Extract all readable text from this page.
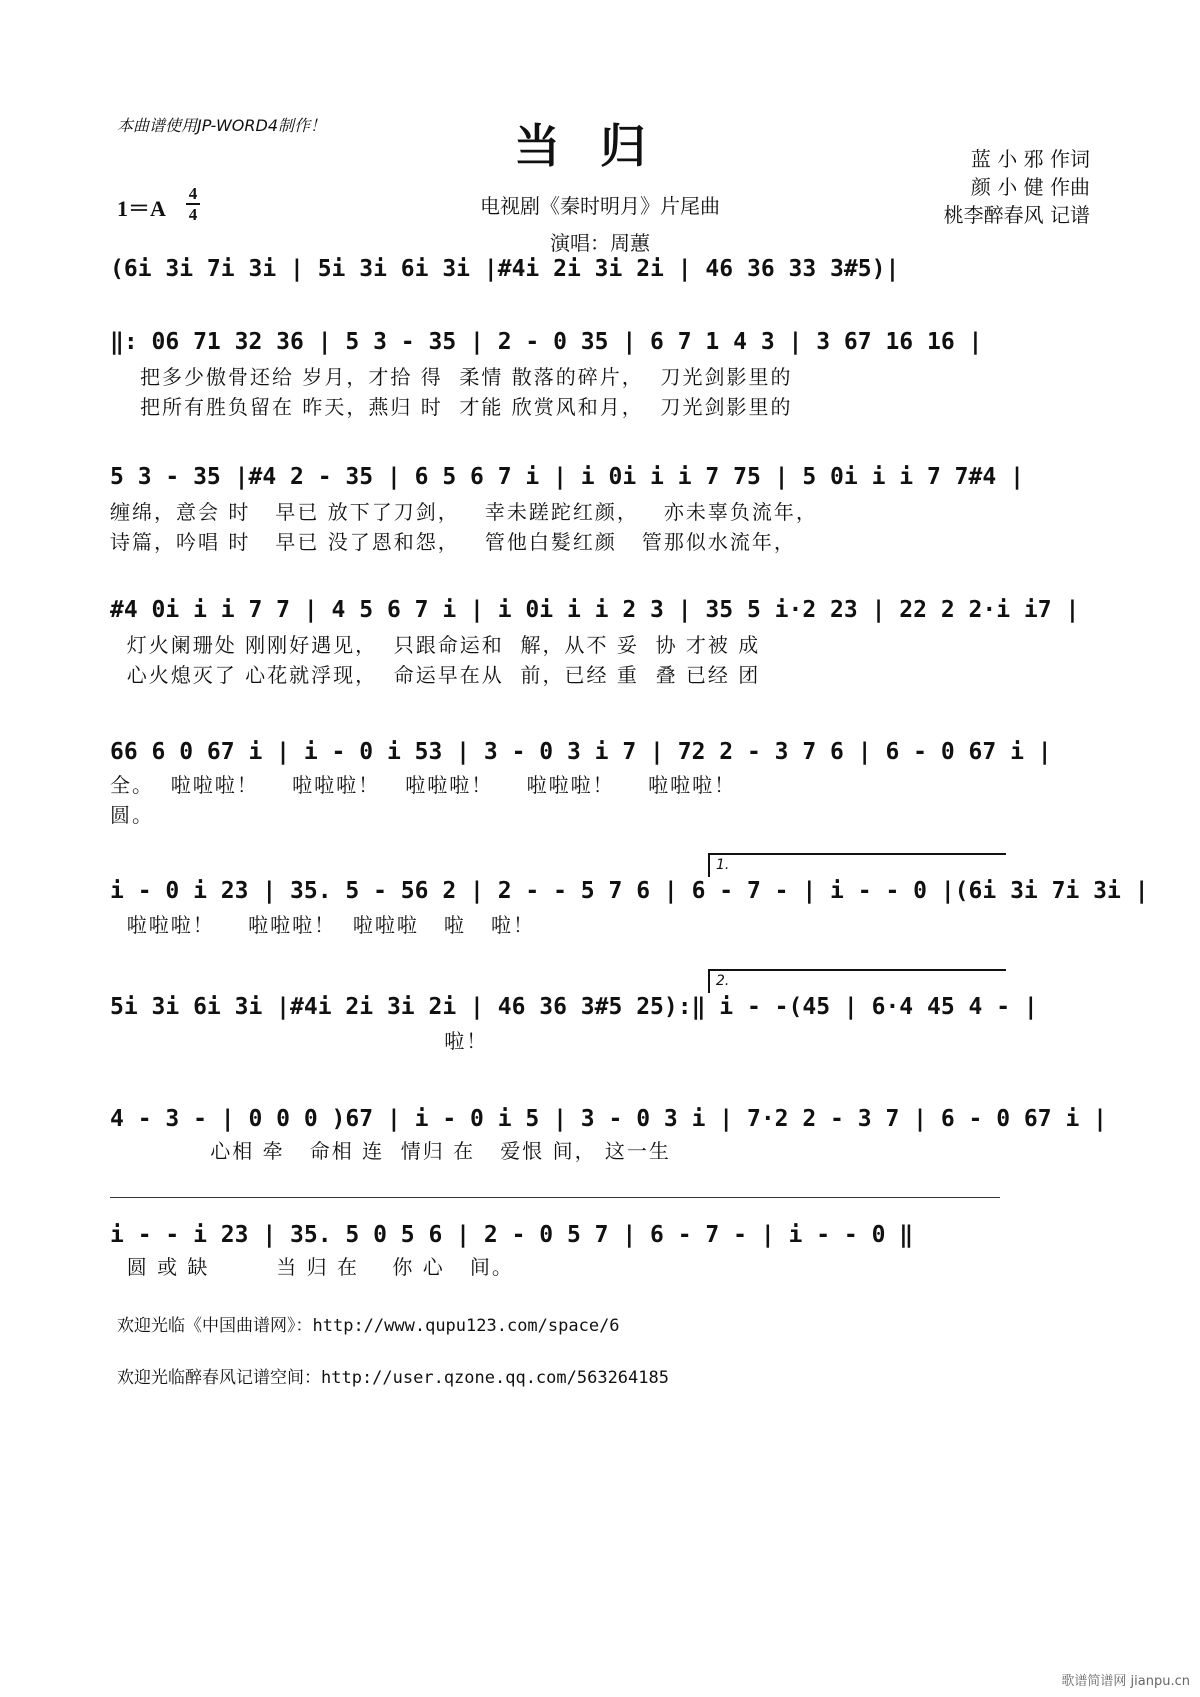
本曲谱使用JP-WORD4制作！	当归
电视剧《秦时明月》片尾曲
演唱：周蕙
蓝 小 邪 作词
颜 小 健 作曲
桃李醉春风 记谱
1＝A
4
4
(6i 3i 7i 3i | 5i 3i 6i 3i |#4i 2i 3i 2i | 46 36 33 3#5)|
‖: 06 71 32 36 | 5 3 - 35 | 2 - 0 35 | 6 7 1 4 3 | 3 67 16 16 |
把多少傲骨还给 岁月，才拾 得  柔情 散落的碎片，  刀光剑影里的
把所有胜负留在 昨天，燕归 时  才能 欣赏风和月，  刀光剑影里的
5 3 - 35 |#4 2 - 35 | 6 5 6 7 i | i 0i i i 7 75 | 5 0i i i 7 7#4 |
缠绵，意会 时   早已 放下了刀剑，   幸未蹉跎红颜，   亦未辜负流年，
诗篇，吟唱 时   早已 没了恩和怨，   管他白髮红颜   管那似水流年，
#4 0i i i 7 7 | 4 5 6 7 i | i 0i i i 2 3 | 35 5 i·2 23 | 22 2 2·i i7 |
灯火阑珊处 刚刚好遇见，  只跟命运和  解，从不 妥  协 才被 成
心火熄灭了 心花就浮现，  命运早在从  前，已经 重  叠 已经 团
66 6 0 67 i | i - 0 i 53 | 3 - 0 3 i 7 | 72 2 - 3 7 6 | 6 - 0 67 i |
全。  啦啦啦！    啦啦啦！   啦啦啦！    啦啦啦！    啦啦啦！
圆。
1.
i - 0 i 23 | 35. 5 - 56 2 | 2 - - 5 7 6 | 6 - 7 - | i - - 0 |(6i 3i 7i 3i |
啦啦啦！    啦啦啦！  啦啦啦   啦   啦！
2.
5i 3i 6i 3i |#4i 2i 3i 2i | 46 36 3#5 25):‖ i - -(45 | 6·4 45 4 - |
啦！
4 - 3 - | 0 0 0 )67 | i - 0 i 5 | 3 - 0 3 i | 7·2 2 - 3 7 | 6 - 0 67 i |
心相 牵   命相 连  情归 在   爱恨 间， 这一生
i - - i 23 | 35. 5 0 5 6 | 2 - 0 5 7 | 6 - 7 - | i - - 0 ‖
圆 或 缺        当 归 在    你 心   间。
欢迎光临《中国曲谱网》：http://www.qupu123.com/space/6
欢迎光临醉春风记谱空间：http://user.qzone.qq.com/563264185
歌谱简谱网 jianpu.cn
